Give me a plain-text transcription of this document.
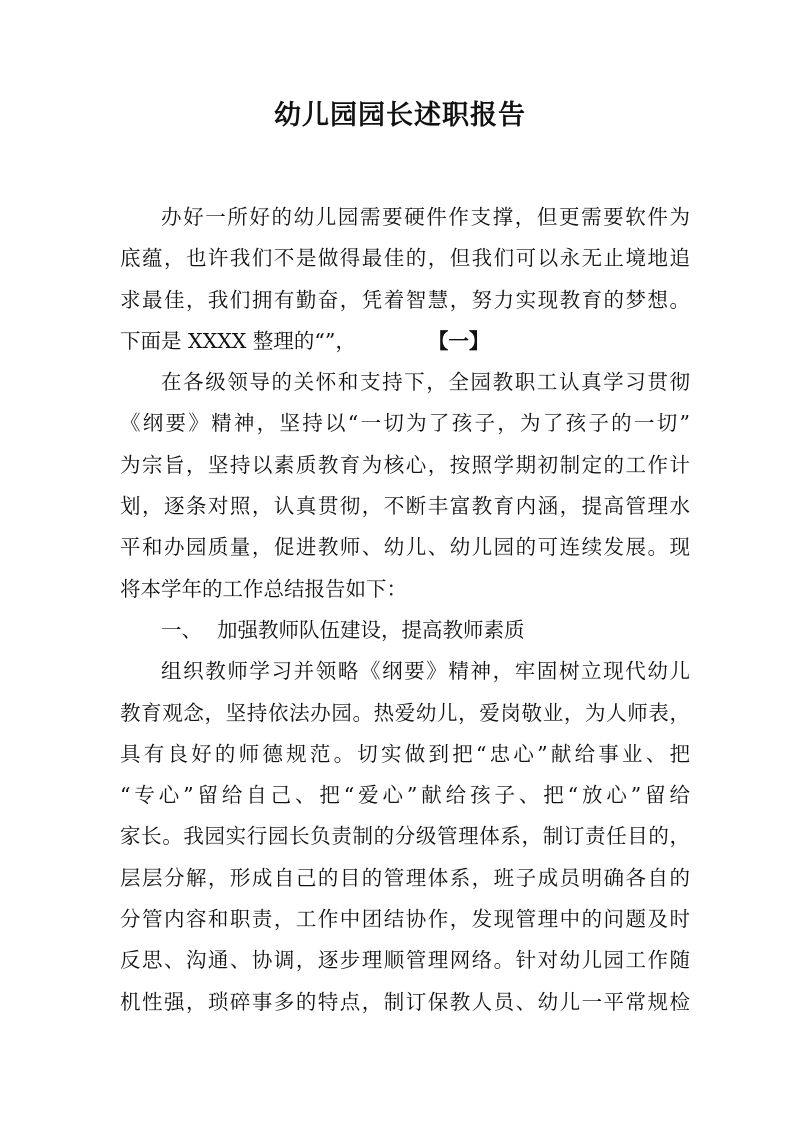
幼儿园园长述职报告
办好一所好的幼儿园需要硬件作支撑，但更需要软件为
底蕴，也许我们不是做得最佳的，但我们可以永无止境地追
求最佳，我们拥有勤奋，凭着智慧，努力实现教育的梦想。
下面是 XXXX 整理的“”，	【一】
在各级领导的关怀和支持下，全园教职工认真学习贯彻
《纲要》精神，坚持以“一切为了孩子，为了孩子的一切”
为宗旨，坚持以素质教育为核心，按照学期初制定的工作计
划，逐条对照，认真贯彻，不断丰富教育内涵，提高管理水
平和办园质量，促进教师、幼儿、幼儿园的可连续发展。现
将本学年的工作总结报告如下：
一、 加强教师队伍建设，提高教师素质
组织教师学习并领略《纲要》精神，牢固树立现代幼儿
教育观念，坚持依法办园。热爱幼儿，爱岗敬业，为人师表，
具有良好的师德规范。切实做到把“忠心”献给事业、把
“专心”留给自己、把“爱心”献给孩子、把“放心”留给
家长。我园实行园长负责制的分级管理体系，制订责任目的，
层层分解，形成自己的目的管理体系，班子成员明确各自的
分管内容和职责，工作中团结协作，发现管理中的问题及时
反思、沟通、协调，逐步理顺管理网络。针对幼儿园工作随
机性强，琐碎事多的特点，制订保教人员、幼儿一平常规检
